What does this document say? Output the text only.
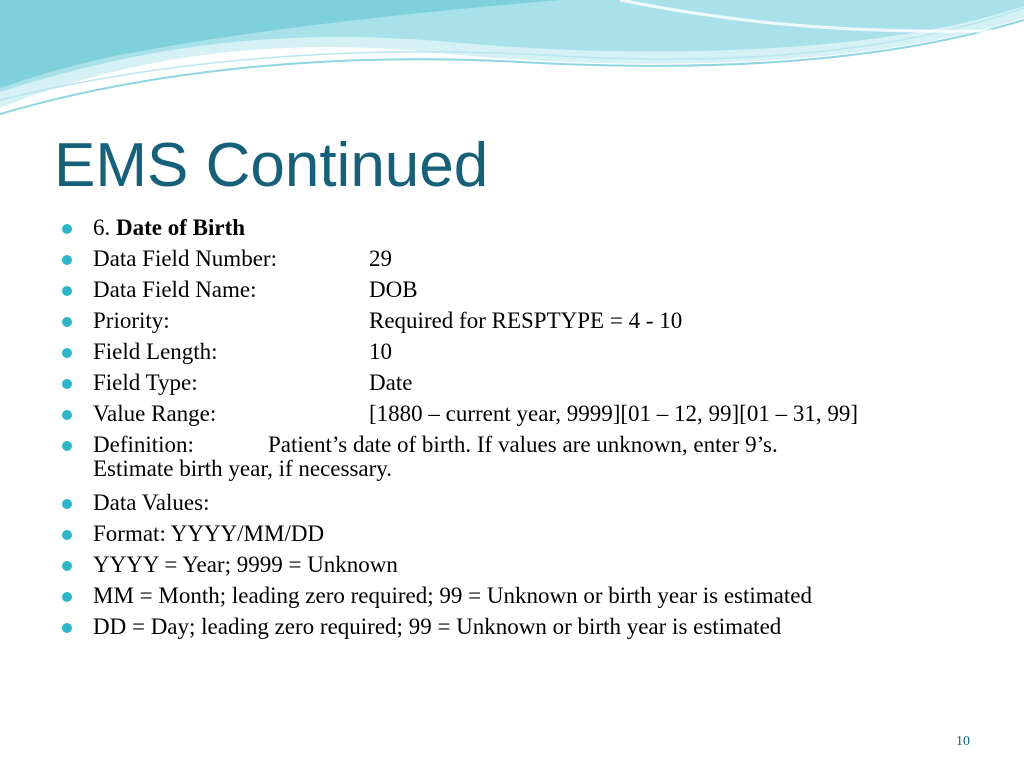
EMS Continued
6. Date of Birth
Data Field Number:	29
Data Field Name:	DOB
Priority:	Required for RESPTYPE = 4 - 10
Field Length:	10
Field Type:	Date
Value Range:	[1880 – current year, 9999][01 – 12, 99][01 – 31, 99]
Definition:	Patient’s date of birth. If values are unknown, enter 9’s.
Estimate birth year, if necessary.
Data Values:
Format: YYYY/MM/DD
YYYY = Year; 9999 = Unknown
MM = Month; leading zero required; 99 = Unknown or birth year is estimated
DD = Day; leading zero required; 99 = Unknown or birth year is estimated
10
